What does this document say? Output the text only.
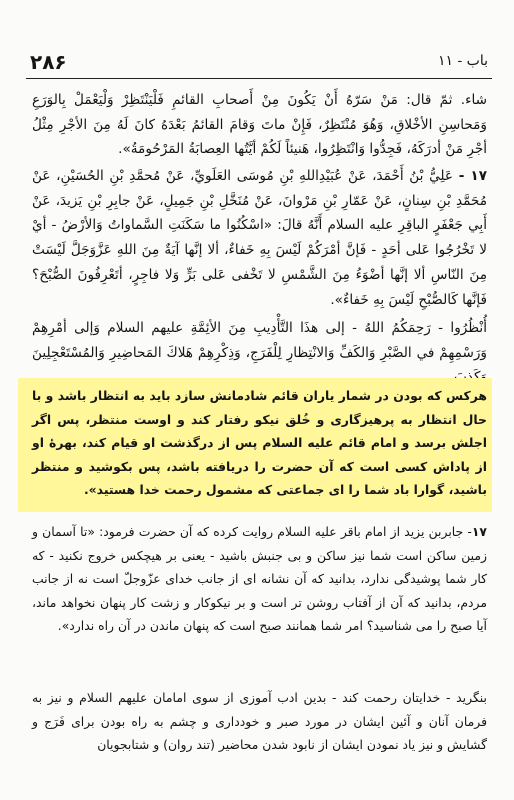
۲۸۶	باب - ۱۱

شاء. ثمّ قال: مَنْ سَرّهُ أَنْ يَكُونَ مِنْ أَصحابِ القائمِ فَلْيَنْتَظِرْ وَلْيَعْمَلْ بِالوَرَعِ وَمَحاسِنِ الأخْلاقِ، وَهُوَ مُنْتَظِرٌ، فَإِنْ ماتَ وَقامَ القائمُ بَعْدَهُ كانَ لَهُ مِنَ الأجْرِ مِثْلُ أجْرِ مَنْ أدرَكَهُ، فَجِدُّوا وَانْتَظِرُوا، هَنيئاً لَكُمْ أيَّتُها العِصابَةُ المَرْحُومَةُ».

۱۷ - عَلِيُّ بْنُ أَحْمَدَ، عَنْ عُبَيْدِاللهِ بْنِ مُوسَى العَلَويِّ، عَنْ مُحمَّدِ بْنِ الحُسَيْنِ، عَنْ مُحَمَّدِ بْنِ سِنانٍ، عَنْ عَمّارِ بْنِ مَرْوانَ، عَنْ مُنَخَّلِ بْنِ جَمِيلٍ، عَنْ جابِرِ بْنِ يَزيدَ، عَنْ أَبِي جَعْفَرٍ الباقِرِ عليه السلام أَنَّهُ قالَ: «اسْكُنُوا ما سَكَنَتِ السَّماواتُ وَالأرْضُ - أيْ لا تَخْرُجُوا عَلى أحَدٍ - فَإنَّ أمْرَكُمْ لَيْسَ بِهِ خَفاءٌ، ألا إنَّها آيَةٌ مِنَ اللهِ عَزَّوَجَلَّ لَيْسَتْ مِنَ النّاسِ ألا إنَّها أضْوَءُ مِنَ الشَّمْسِ لا تَخْفى عَلى بَرٍّ وَلا فاجِرٍ، أتَعْرِفُونَ الصُّبْحَ؟ فَإنَّها كَالصُّبْحِ لَيْسَ بِهِ خَفاءٌ».

أُنْظُرُوا - رَحِمَكُمُ اللهُ - إلى هذَا التَّأْدِيبِ مِنَ الأئِمَّةِ عليهم السلام وَإلى أمْرِهِمْ وَرَسْمِهِمْ في الصَّبْرِ وَالكَفِّ وَالانْتِظارِ لِلْفَرَجِ، وَذِكْرِهِمْ هَلاكَ المَحاضِيرِ وَالمُسْتَعْجِلِينَ

هركس كه بودن در شمار ياران قائم شادمانش سازد بايد به انتظار باشد و با حال انتظار به پرهيزگاری و خُلق نيكو رفتار كند و اوست منتظر، پس اگر اجلش برسد و امام قائم عليه السلام پس از درگذشت او قيام كند، بهرهٔ او از پاداش كسی است كه آن حضرت را دريافته باشد، پس بكوشيد و منتظر باشيد، گوارا باد شما را ای جماعتی كه مشمول رحمت خدا هستيد».

۱۷- جابربن يزيد از امام باقر عليه السلام روايت كرده كه آن حضرت فرمود: «تا آسمان و زمين ساكن است شما نيز ساكن و بی جنبش باشيد - يعنی بر هيچكس خروج نكنيد - كه كار شما پوشيدگی ندارد، بدانيد كه آن نشانه ای از جانب خدای عزّوجلّ است نه از جانب مردم، بدانيد كه آن از آفتاب روشن تر است و بر نيكوكار و زشت كار پنهان نخواهد ماند، آيا صبح را می شناسيد؟ امر شما همانند صبح است كه پنهان ماندن در آن راه ندارد».

بنگريد - خدايتان رحمت كند - بدين ادب آموزی از سوی امامان عليهم السلام و نيز به فرمان آنان و آئين ايشان در مورد صبر و خودداری و چشم به راه بودن برای فَرَج و گشايش و نيز ياد نمودن ايشان از نابود شدن محاضير (تند روان) و شتابجويان
